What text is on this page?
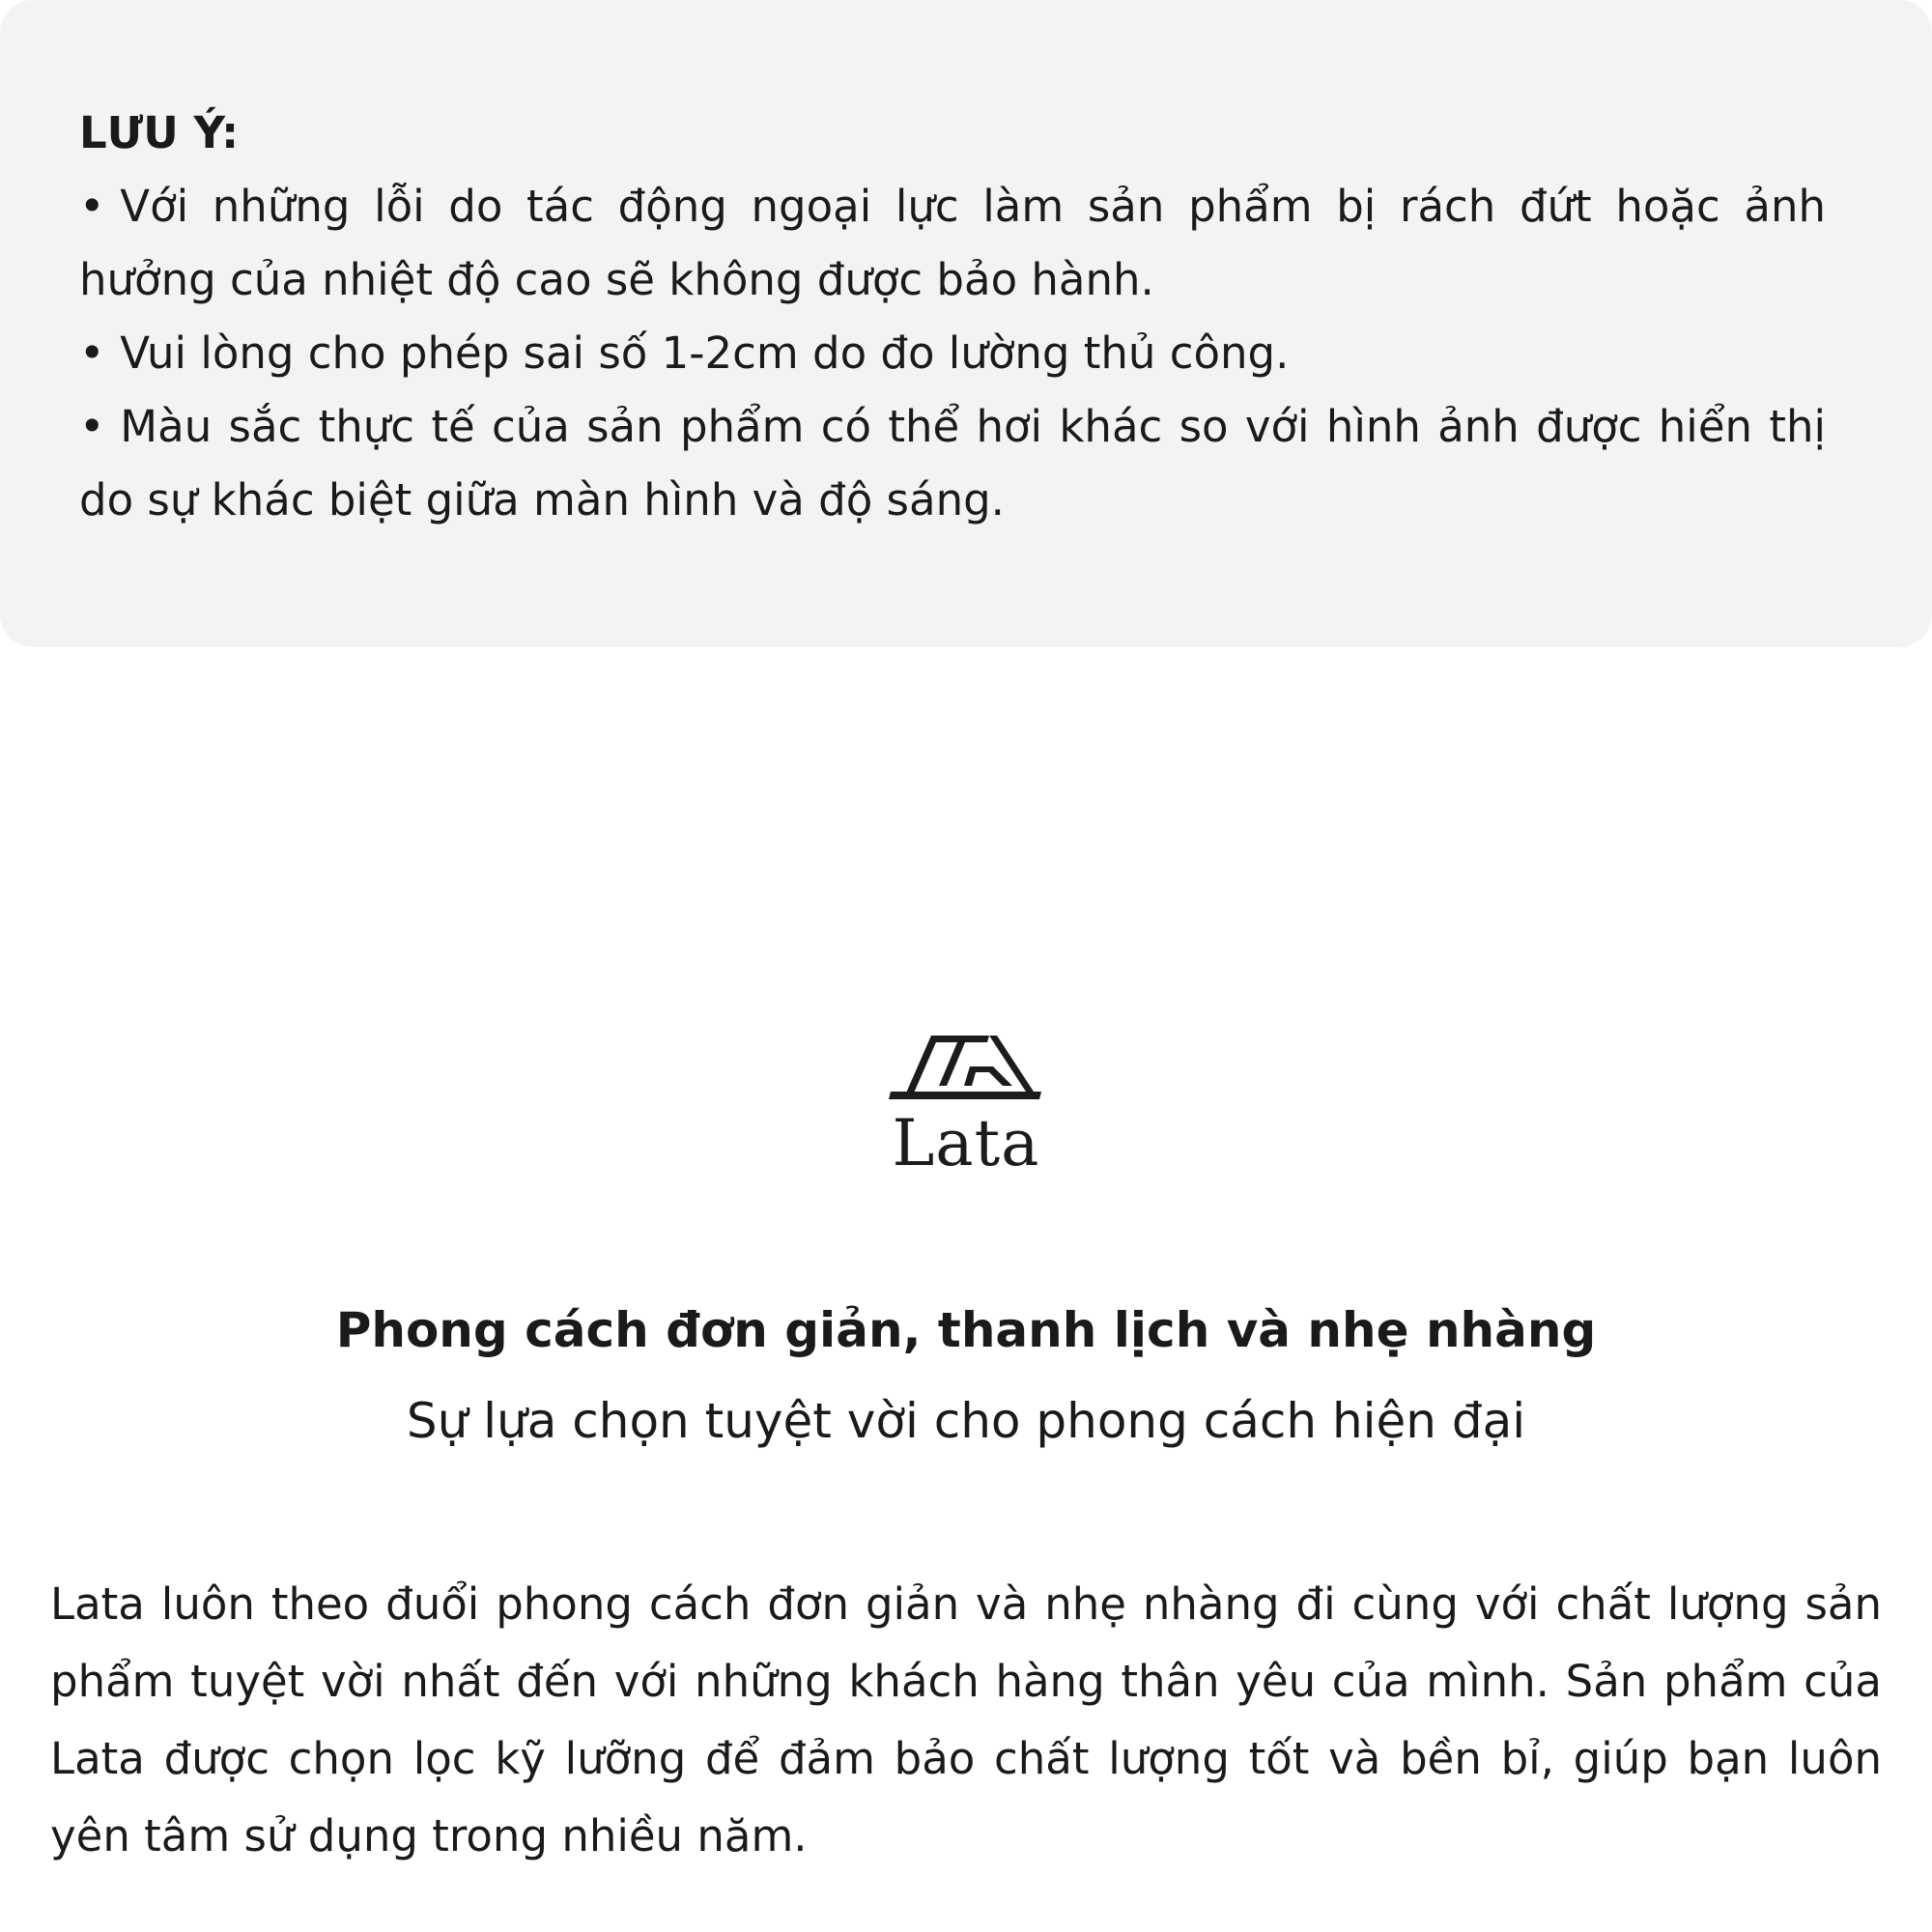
LƯU Ý:

• Với những lỗi do tác động ngoại lực làm sản phẩm bị rách đứt hoặc ảnh hưởng của nhiệt độ cao sẽ không được bảo hành.
• Vui lòng cho phép sai số 1-2cm do đo lường thủ công.
• Màu sắc thực tế của sản phẩm có thể hơi khác so với hình ảnh được hiển thị do sự khác biệt giữa màn hình và độ sáng.
Lata
Phong cách đơn giản, thanh lịch và nhẹ nhàng

Sự lựa chọn tuyệt vời cho phong cách hiện đại

Lata luôn theo đuổi phong cách đơn giản và nhẹ nhàng đi cùng với chất lượng sản phẩm tuyệt vời nhất đến với những khách hàng thân yêu của mình. Sản phẩm của Lata được chọn lọc kỹ lưỡng để đảm bảo chất lượng tốt và bền bỉ, giúp bạn luôn yên tâm sử dụng trong nhiều năm.
